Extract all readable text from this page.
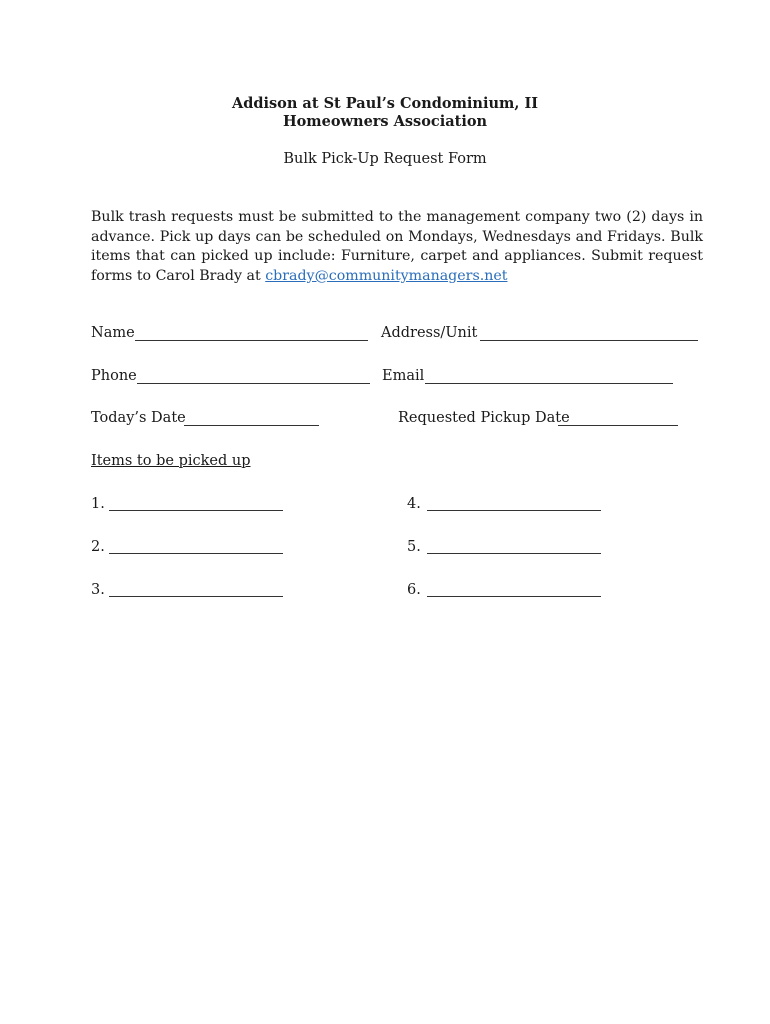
Addison at St Paul’s Condominium, II
Homeowners Association
Bulk Pick-Up Request Form
Bulk trash requests must be submitted to the management company two (2) days in advance. Pick up days can be scheduled on Mondays, Wednesdays and Fridays. Bulk items that can picked up include: Furniture, carpet and appliances. Submit request forms to Carol Brady at cbrady@communitymanagers.net
Name	Address/Unit
Phone	Email
Today’s Date	Requested Pickup Date
Items to be picked up
1.	4.
2.	5.
3.	6.
